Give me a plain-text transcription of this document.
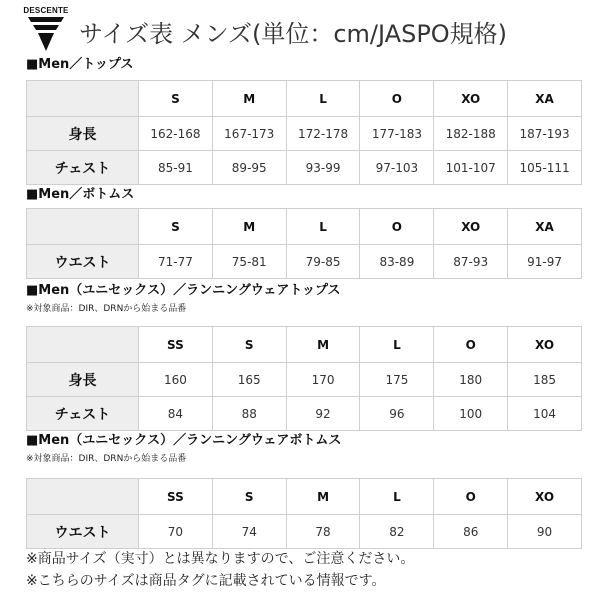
DESCENTE
サイズ表 メンズ(単位：cm/JASPO規格)
■Men／トップス
	S	M	L	O	XO	XA
身長	162-168	167-173	172-178	177-183	182-188	187-193
チェスト	85-91	89-95	93-99	97-103	101-107	105-111
■Men／ボトムス
	S	M	L	O	XO	XA
ウエスト	71-77	75-81	79-85	83-89	87-93	91-97
■Men（ユニセックス）／ランニングウェアトップス
※対象商品：DIR、DRNから始まる品番
	SS	S	M	L	O	XO
身長	160	165	170	175	180	185
チェスト	84	88	92	96	100	104
■Men（ユニセックス）／ランニングウェアボトムス
※対象商品：DIR、DRNから始まる品番
	SS	S	M	L	O	XO
ウエスト	70	74	78	82	86	90
※商品サイズ（実寸）とは異なりますので、ご注意ください。
※こちらのサイズは商品タグに記載されている情報です。
